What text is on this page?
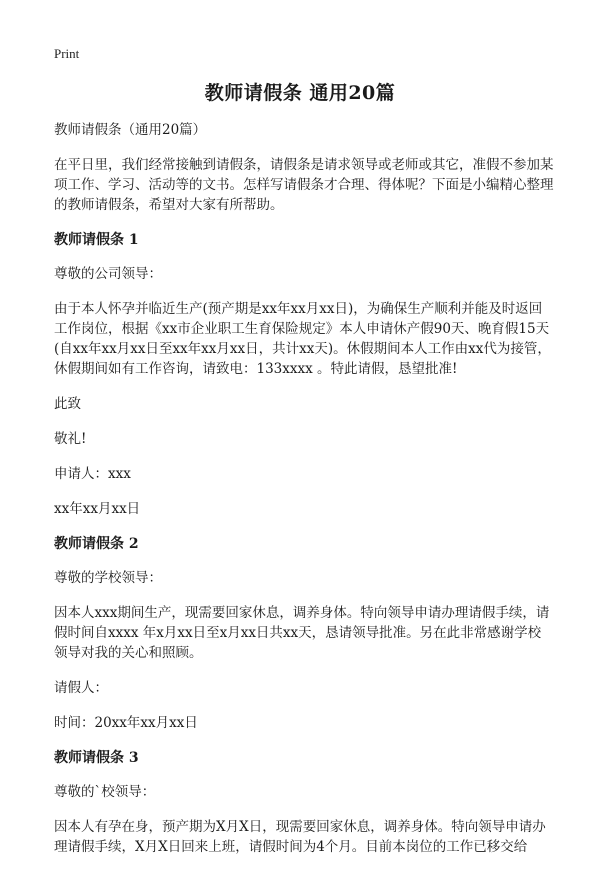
Print
教师请假条 通用20篇

教师请假条（通用20篇）

在平日里，我们经常接触到请假条，请假条是请求领导或老师或其它，准假不参加某项工作、学习、活动等的文书。怎样写请假条才合理、得体呢？下面是小编精心整理的教师请假条，希望对大家有所帮助。

教师请假条 1

尊敬的公司领导：

由于本人怀孕并临近生产(预产期是xx年xx月xx日)，为确保生产顺利并能及时返回工作岗位，根据《xx市企业职工生育保险规定》本人申请休产假90天、晚育假15天(自xx年xx月xx日至xx年xx月xx日，共计xx天)。休假期间本人工作由xx代为接管，休假期间如有工作咨询，请致电：133xxxx 。特此请假，恳望批准!

此致

敬礼!

申请人：xxx

xx年xx月xx日

教师请假条 2

尊敬的学校领导：

因本人xxx期间生产，现需要回家休息，调养身体。特向领导申请办理请假手续，请假时间自xxxx 年x月xx日至x月xx日共xx天，恳请领导批准。另在此非常感谢学校领导对我的关心和照顾。

请假人：

时间：20xx年xx月xx日

教师请假条 3

尊敬的`校领导：

因本人有孕在身，预产期为X月X日，现需要回家休息，调养身体。特向领导申请办理请假手续，X月X日回来上班，请假时间为4个月。目前本岗位的工作已移交给
